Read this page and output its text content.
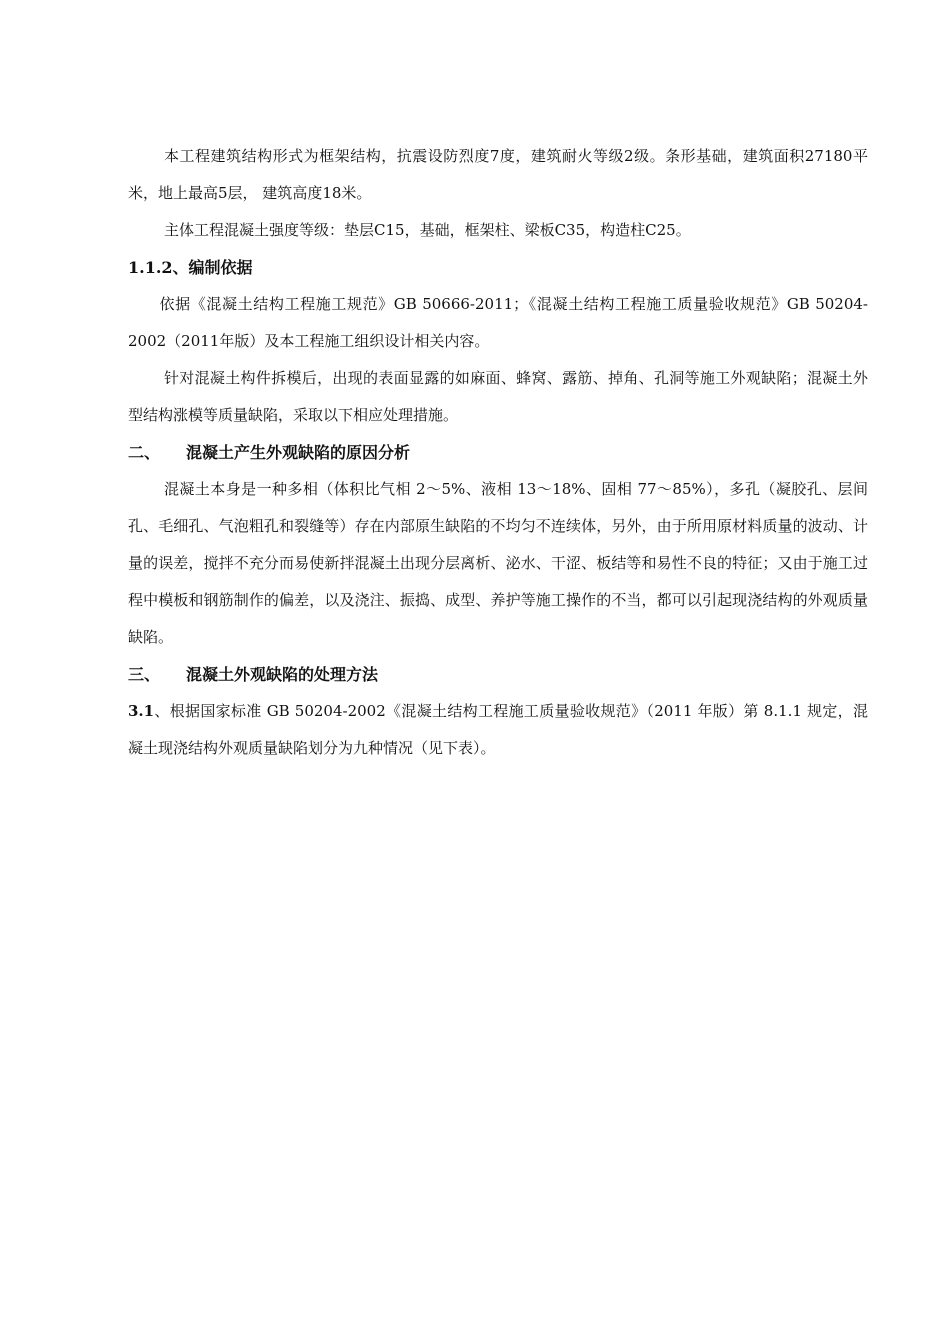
本工程建筑结构形式为框架结构，抗震设防烈度7度，建筑耐火等级2级。条形基础，建筑面积27180平米，地上最高5层， 建筑高度18米。

主体工程混凝土强度等级：垫层C15，基础，框架柱、梁板C35，构造柱C25。

1.1.2、编制依据

依据《混凝土结构工程施工规范》GB 50666-2011；《混凝土结构工程施工质量验收规范》GB 50204-2002（2011年版）及本工程施工组织设计相关内容。

针对混凝土构件拆模后，出现的表面显露的如麻面、蜂窝、露筋、掉角、孔洞等施工外观缺陷；混凝土外型结构涨模等质量缺陷，采取以下相应处理措施。

二、 混凝土产生外观缺陷的原因分析

混凝土本身是一种多相（体积比气相 2～5%、液相 13～18%、固相 77～85%），多孔（凝胶孔、层间孔、毛细孔、气泡粗孔和裂缝等）存在内部原生缺陷的不均匀不连续体，另外，由于所用原材料质量的波动、计量的误差，搅拌不充分而易使新拌混凝土出现分层离析、泌水、干涩、板结等和易性不良的特征；又由于施工过程中模板和钢筋制作的偏差，以及浇注、振捣、成型、养护等施工操作的不当，都可以引起现浇结构的外观质量缺陷。

三、 混凝土外观缺陷的处理方法

3.1、根据国家标准 GB 50204-2002《混凝土结构工程施工质量验收规范》（2011 年版）第 8.1.1 规定，混凝土现浇结构外观质量缺陷划分为九种情况（见下表）。
